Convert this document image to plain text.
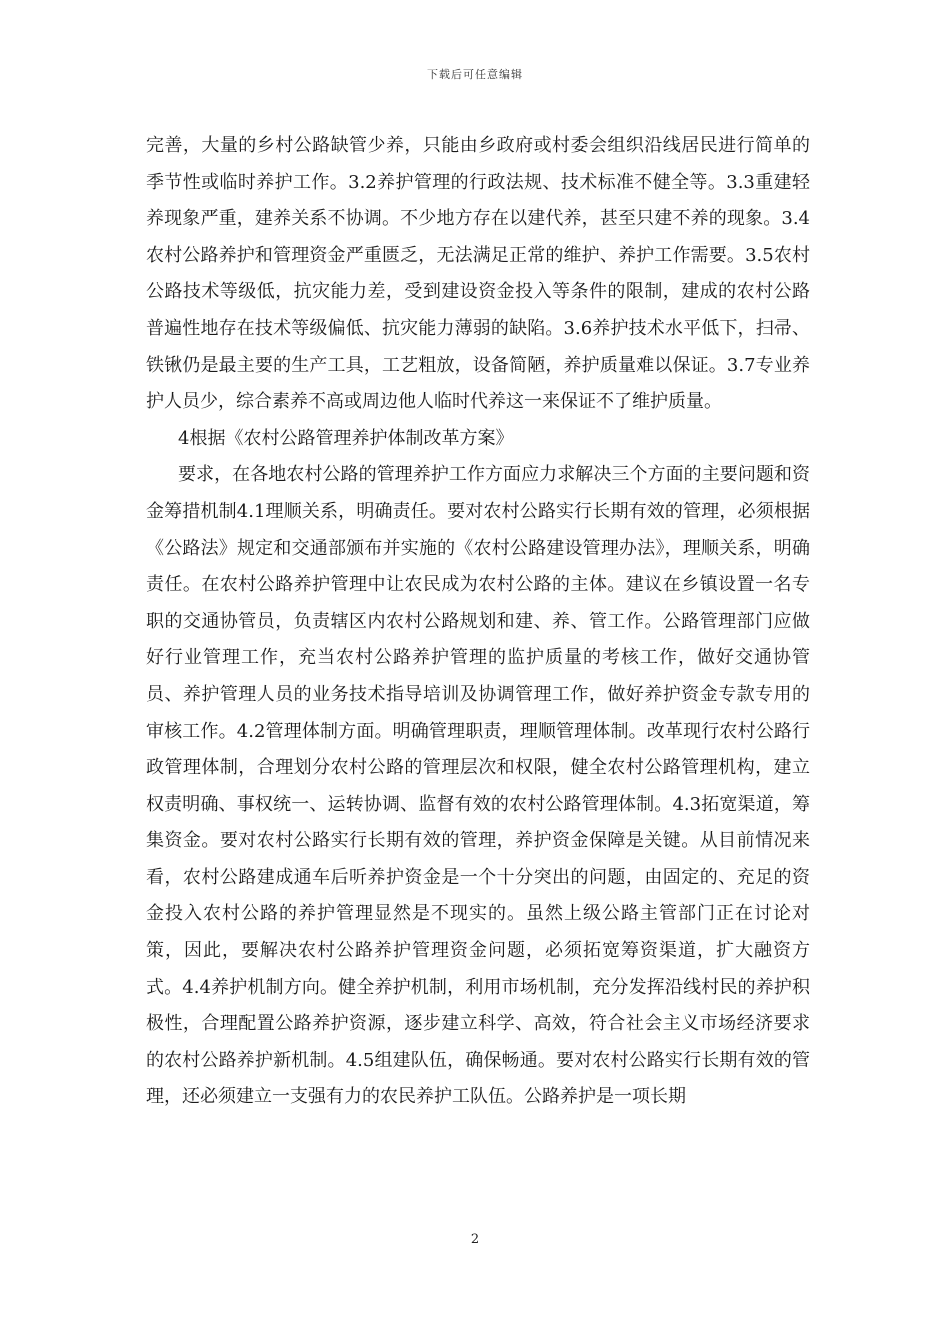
下载后可任意编辑

完善，大量的乡村公路缺管少养，只能由乡政府或村委会组织沿线居民进行简单的季节性或临时养护工作。3.2养护管理的行政法规、技术标准不健全等。3.3重建轻养现象严重，建养关系不协调。不少地方存在以建代养，甚至只建不养的现象。3.4农村公路养护和管理资金严重匮乏，无法满足正常的维护、养护工作需要。3.5农村公路技术等级低，抗灾能力差，受到建设资金投入等条件的限制，建成的农村公路普遍性地存在技术等级偏低、抗灾能力薄弱的缺陷。3.6养护技术水平低下，扫帚、铁锹仍是最主要的生产工具，工艺粗放，设备简陋，养护质量难以保证。3.7专业养护人员少，综合素养不高或周边他人临时代养这一来保证不了维护质量。

4根据《农村公路管理养护体制改革方案》

要求，在各地农村公路的管理养护工作方面应力求解决三个方面的主要问题和资金筹措机制4.1理顺关系，明确责任。要对农村公路实行长期有效的管理，必须根据《公路法》规定和交通部颁布并实施的《农村公路建设管理办法》，理顺关系，明确责任。在农村公路养护管理中让农民成为农村公路的主体。建议在乡镇设置一名专职的交通协管员，负责辖区内农村公路规划和建、养、管工作。公路管理部门应做好行业管理工作，充当农村公路养护管理的监护质量的考核工作，做好交通协管员、养护管理人员的业务技术指导培训及协调管理工作，做好养护资金专款专用的审核工作。4.2管理体制方面。明确管理职责，理顺管理体制。改革现行农村公路行政管理体制，合理划分农村公路的管理层次和权限，健全农村公路管理机构，建立权责明确、事权统一、运转协调、监督有效的农村公路管理体制。4.3拓宽渠道，筹集资金。要对农村公路实行长期有效的管理，养护资金保障是关键。从目前情况来看，农村公路建成通车后听养护资金是一个十分突出的问题，由固定的、充足的资金投入农村公路的养护管理显然是不现实的。虽然上级公路主管部门正在讨论对策，因此，要解决农村公路养护管理资金问题，必须拓宽筹资渠道，扩大融资方式。4.4养护机制方向。健全养护机制，利用市场机制，充分发挥沿线村民的养护积极性，合理配置公路养护资源，逐步建立科学、高效，符合社会主义市场经济要求的农村公路养护新机制。4.5组建队伍，确保畅通。要对农村公路实行长期有效的管理，还必须建立一支强有力的农民养护工队伍。公路养护是一项长期

2
